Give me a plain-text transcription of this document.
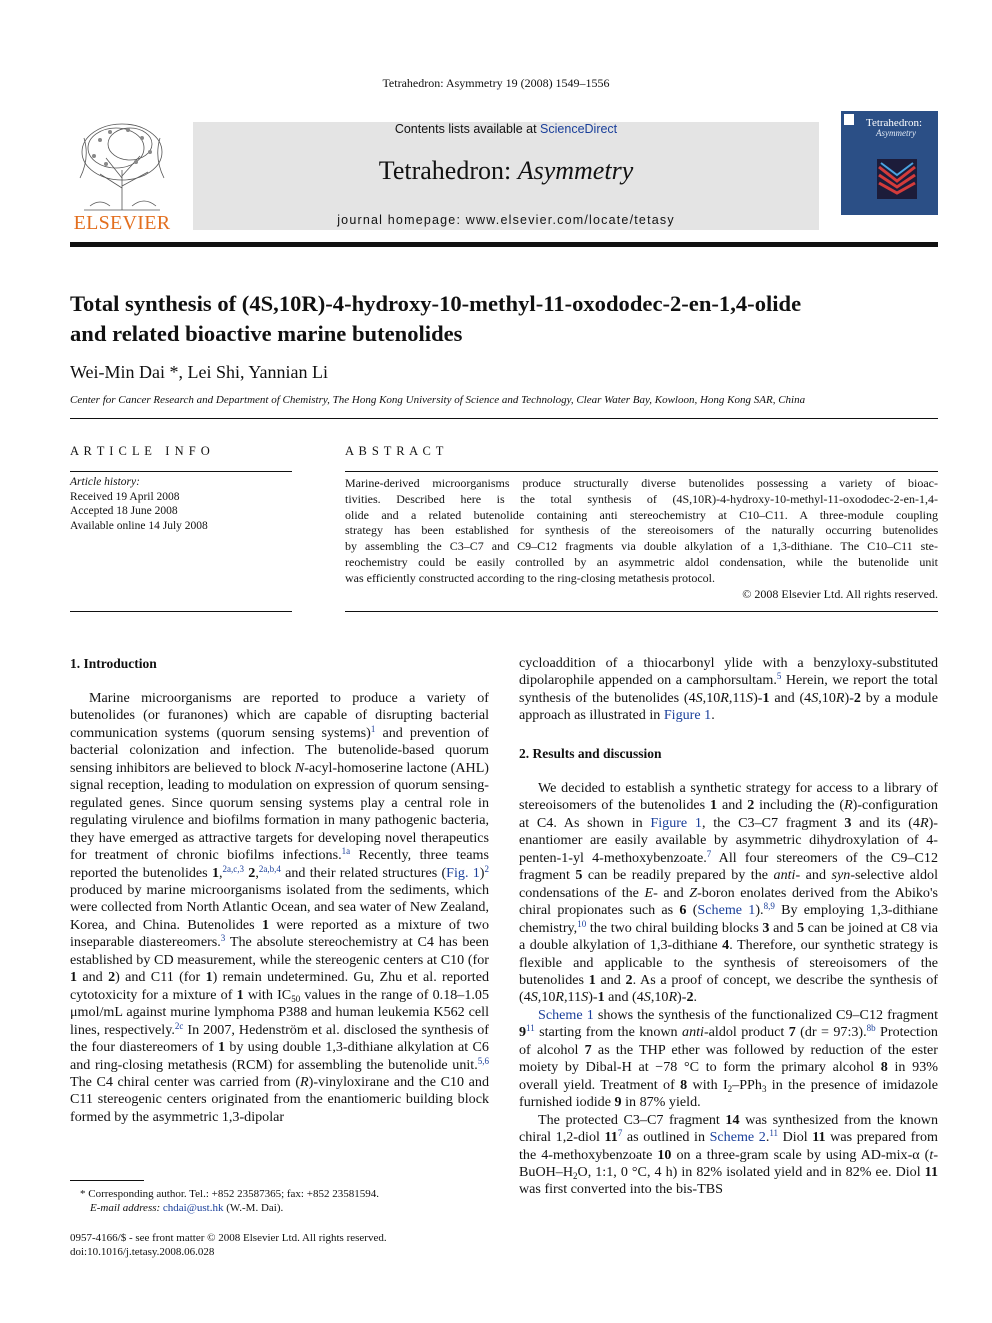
Tetrahedron: Asymmetry 19 (2008) 1549–1556
ELSEVIER
Contents lists available at ScienceDirect
Tetrahedron: Asymmetry
journal homepage: www.elsevier.com/locate/tetasy
Tetrahedron:
Asymmetry
Total synthesis of (4S,10R)-4-hydroxy-10-methyl-11-oxododec-2-en-1,4-olide
and related bioactive marine butenolides
Wei-Min Dai *, Lei Shi, Yannian Li
Center for Cancer Research and Department of Chemistry, The Hong Kong University of Science and Technology, Clear Water Bay, Kowloon, Hong Kong SAR, China
A R T I C L E   I N F O
Article history:
Received 19 April 2008
Accepted 18 June 2008
Available online 14 July 2008
A B S T R A C T
Marine-derived microorganisms produce structurally diverse butenolides possessing a variety of bioac-
tivities. Described here is the total synthesis of (4S,10R)-4-hydroxy-10-methyl-11-oxododec-2-en-1,4-
olide and a related butenolide containing anti stereochemistry at C10–C11. A three-module coupling
strategy has been established for synthesis of the stereoisomers of the naturally occurring butenolides
by assembling the C3–C7 and C9–C12 fragments via double alkylation of a 1,3-dithiane. The C10–C11 ste-
reochemistry could be easily controlled by an asymmetric aldol condensation, while the butenolide unit
was efficiently constructed according to the ring-closing metathesis protocol.
© 2008 Elsevier Ltd. All rights reserved.
1. Introduction
2. Results and discussion

Marine microorganisms are reported to produce a variety of butenolides (or furanones) which are capable of disrupting bacterial communication systems (quorum sensing systems)$^1$ and prevention of bacterial colonization and infection. The butenolide-based quorum sensing inhibitors are believed to block N-acyl-homoserine lactone (AHL) signal reception, leading to modulation on expression of quorum sensing-regulated genes. Since quorum sensing systems play a central role in regulating virulence and biofilms formation in many pathogenic bacteria, they have emerged as attractive targets for developing novel therapeutics for treatment of chronic biofilms infections.$^{1a}$ Recently, three teams reported the butenolides 1,$^{2a,c,3}$ 2,$^{2a,b,4}$ and their related structures (Fig. 1)$^2$ produced by marine microorganisms isolated from the sediments, which were collected from North Atlantic Ocean, and sea water of New Zealand, Korea, and China. Butenolides 1 were reported as a mixture of two inseparable diastereomers.$^3$ The absolute stereochemistry at C4 has been established by CD measurement, while the stereogenic centers at C10 (for 1 and 2) and C11 (for 1) remain undetermined. Gu, Zhu et al. reported cytotoxicity for a mixture of 1 with $IC_{50}$ values in the range of 0.18–1.05 μmol/mL against murine lymphoma P388 and human leukemia K562 cell lines, respectively.$^{2c}$ In 2007, Hedenström et al. disclosed the synthesis of the four diastereomers of 1 by using double 1,3-dithiane alkylation at C6 and ring-closing metathesis (RCM) for assembling the butenolide unit.$^{5,6}$ The C4 chiral center was carried from (R)-vinyloxirane and the C10 and C11 stereogenic centers originated from the enantiomeric building block formed by the asymmetric 1,3-dipolar

cycloaddition of a thiocarbonyl ylide with a benzyloxy-substituted dipolarophile appended on a camphorsultam.$^5$ Herein, we report the total synthesis of the butenolides (4S,10R,11S)-1 and (4S,10R)-2 by a module approach as illustrated in Figure 1.

We decided to establish a synthetic strategy for access to a library of stereoisomers of the butenolides 1 and 2 including the (R)-configuration at C4. As shown in Figure 1, the C3–C7 fragment 3 and its (4R)-enantiomer are easily available by asymmetric dihydroxylation of 4-penten-1-yl 4-methoxybenzoate.$^7$ All four stereomers of the C9–C12 fragment 5 can be readily prepared by the anti- and syn-selective aldol condensations of the E- and Z-boron enolates derived from the Abiko's chiral propionates such as 6 (Scheme 1).$^{8,9}$ By employing 1,3-dithiane chemistry,$^{10}$ the two chiral building blocks 3 and 5 can be joined at C8 via a double alkylation of 1,3-dithiane 4. Therefore, our synthetic strategy is flexible and applicable to the synthesis of stereoisomers of the butenolides 1 and 2. As a proof of concept, we describe the synthesis of (4S,10R,11S)-1 and (4S,10R)-2.

Scheme 1 shows the synthesis of the functionalized C9–C12 fragment $9^{11}$ starting from the known anti-aldol product 7 (dr = 97:3).$^{8b}$ Protection of alcohol 7 as the THP ether was followed by reduction of the ester moiety by Dibal-H at −78 °C to form the primary alcohol 8 in 93% overall yield. Treatment of 8 with $I_2-PPh_3$ in the presence of imidazole furnished iodide 9 in 87% yield.

The protected C3–C7 fragment 14 was synthesized from the known chiral 1,2-diol $11^7$ as outlined in Scheme 2.11 Diol 11 was prepared from the 4-methoxybenzoate 10 on a three-gram scale by using AD-mix-α ($t-BuOH-H_2O$, 1:1, 0 °C, 4 h) in 82% isolated yield and in 82% ee. Diol 11 was first converted into the bis-TBS

* Corresponding author. Tel.: +852 23587365; fax: +852 23581594.
E-mail address: chdai@ust.hk (W.-M. Dai).
0957-4166/$ - see front matter © 2008 Elsevier Ltd. All rights reserved.
doi:10.1016/j.tetasy.2008.06.028
